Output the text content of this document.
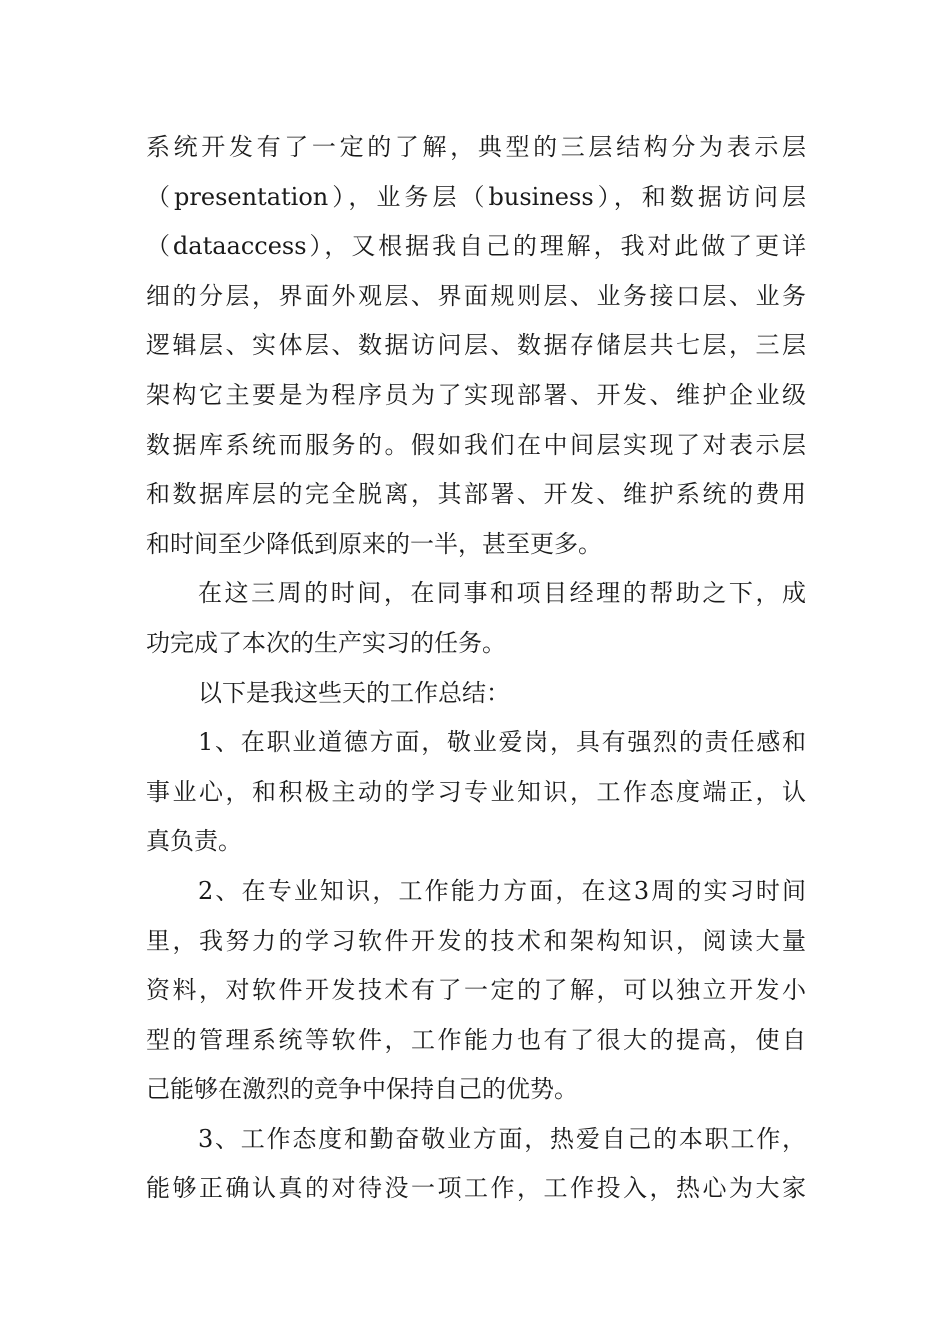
系统开发有了一定的了解，典型的三层结构分为表示层
（presentation），业务层（business），和数据访问层
（dataaccess），又根据我自己的理解，我对此做了更详
细的分层，界面外观层、界面规则层、业务接口层、业务
逻辑层、实体层、数据访问层、数据存储层共七层，三层
架构它主要是为程序员为了实现部署、开发、维护企业级
数据库系统而服务的。假如我们在中间层实现了对表示层
和数据库层的完全脱离，其部署、开发、维护系统的费用
和时间至少降低到原来的一半，甚至更多。
在这三周的时间，在同事和项目经理的帮助之下，成
功完成了本次的生产实习的任务。
以下是我这些天的工作总结：
1、在职业道德方面，敬业爱岗，具有强烈的责任感和
事业心，和积极主动的学习专业知识，工作态度端正，认
真负责。
2、在专业知识，工作能力方面，在这3周的实习时间
里，我努力的学习软件开发的技术和架构知识，阅读大量
资料，对软件开发技术有了一定的了解，可以独立开发小
型的管理系统等软件，工作能力也有了很大的提高，使自
己能够在激烈的竞争中保持自己的优势。
3、工作态度和勤奋敬业方面，热爱自己的本职工作，
能够正确认真的对待没一项工作，工作投入，热心为大家
